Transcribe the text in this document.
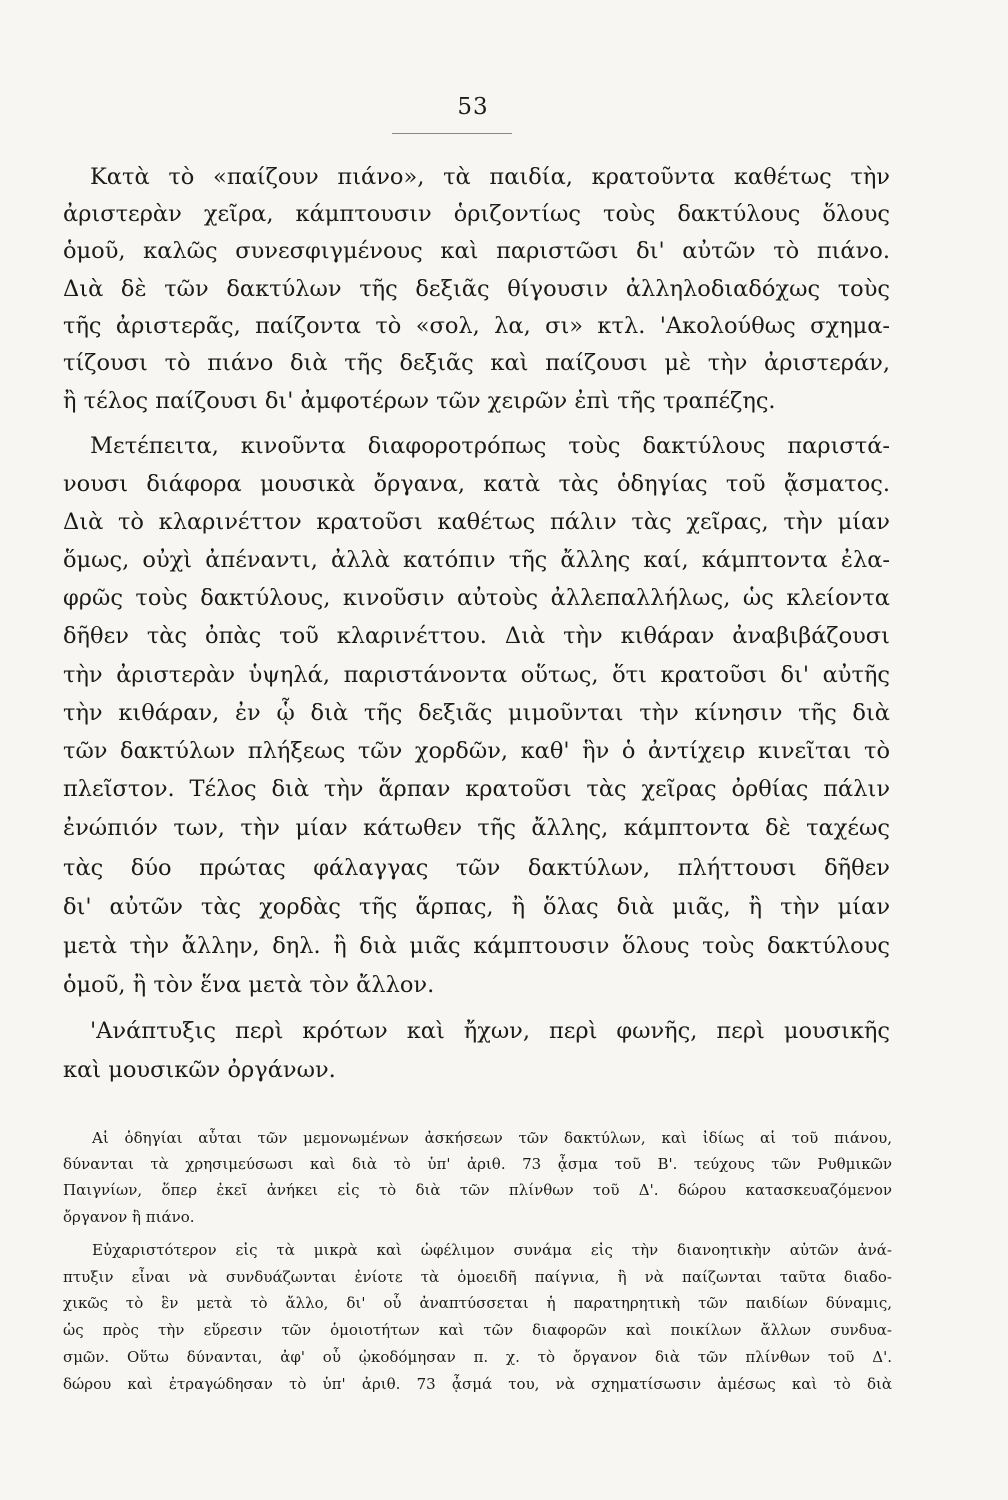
53
Κατὰ τὸ «παίζουν πιάνο», τὰ παιδία, κρατοῦντα καθέτως τὴν
ἀριστερὰν χεῖρα, κάμπτουσιν ὁριζοντίως τοὺς δακτύλους ὅλους
ὁμοῦ, καλῶς συνεσφιγμένους καὶ παριστῶσι δι' αὐτῶν τὸ πιάνο.
Διὰ δὲ τῶν δακτύλων τῆς δεξιᾶς θίγουσιν ἀλληλοδιαδόχως τοὺς
τῆς ἀριστερᾶς, παίζοντα τὸ «σολ, λα, σι» κτλ. 'Ακολούθως σχημα-
τίζουσι τὸ πιάνο διὰ τῆς δεξιᾶς καὶ παίζουσι μὲ τὴν ἀριστεράν,
ἢ τέλος παίζουσι δι' ἀμφοτέρων τῶν χειρῶν ἐπὶ τῆς τραπέζης.
Μετέπειτα, κινοῦντα διαφοροτρόπως τοὺς δακτύλους παριστά-
νουσι διάφορα μουσικὰ ὄργανα, κατὰ τὰς ὁδηγίας τοῦ ᾄσματος.
Διὰ τὸ κλαρινέττον κρατοῦσι καθέτως πάλιν τὰς χεῖρας, τὴν μίαν
ὅμως, οὐχὶ ἀπέναντι, ἀλλὰ κατόπιν τῆς ἄλλης καί, κάμπτοντα ἐλα-
φρῶς τοὺς δακτύλους, κινοῦσιν αὐτοὺς ἀλλεπαλλήλως, ὡς κλείοντα
δῆθεν τὰς ὀπὰς τοῦ κλαρινέττου. Διὰ τὴν κιθάραν ἀναβιβάζουσι
τὴν ἀριστερὰν ὑψηλά, παριστάνοντα οὕτως, ὅτι κρατοῦσι δι' αὐτῆς
τὴν κιθάραν, ἐν ᾧ διὰ τῆς δεξιᾶς μιμοῦνται τὴν κίνησιν τῆς διὰ
τῶν δακτύλων πλήξεως τῶν χορδῶν, καθ' ἣν ὁ ἀντίχειρ κινεῖται τὸ
πλεῖστον. Τέλος διὰ τὴν ἅρπαν κρατοῦσι τὰς χεῖρας ὀρθίας πάλιν
ἐνώπιόν των, τὴν μίαν κάτωθεν τῆς ἄλλης, κάμπτοντα δὲ ταχέως
τὰς δύο πρώτας φάλαγγας τῶν δακτύλων, πλήττουσι δῆθεν
δι' αὐτῶν τὰς χορδὰς τῆς ἅρπας, ἢ ὅλας διὰ μιᾶς, ἢ τὴν μίαν
μετὰ τὴν ἄλλην, δηλ. ἢ διὰ μιᾶς κάμπτουσιν ὅλους τοὺς δακτύλους
ὁμοῦ, ἢ τὸν ἕνα μετὰ τὸν ἄλλον.
'Ανάπτυξις περὶ κρότων καὶ ἤχων, περὶ φωνῆς, περὶ μουσικῆς
καὶ μουσικῶν ὀργάνων.
Αἱ ὁδηγίαι αὗται τῶν μεμονωμένων ἀσκήσεων τῶν δακτύλων, καὶ ἰδίως αἱ τοῦ πιάνου,
δύνανται τὰ χρησιμεύσωσι καὶ διὰ τὸ ὑπ' ἀριθ. 73 ᾆσμα τοῦ Β'. τεύχους τῶν Ρυθμικῶν
Παιγνίων, ὅπερ ἐκεῖ ἀνήκει εἰς τὸ διὰ τῶν πλίνθων τοῦ Δ'. δώρου κατασκευαζόμενον
ὄργανον ἢ πιάνο.
Εὐχαριστότερον εἰς τὰ μικρὰ καὶ ὠφέλιμον συνάμα εἰς τὴν διανοητικὴν αὐτῶν ἀνά-
πτυξιν εἶναι νὰ συνδυάζωνται ἐνίοτε τὰ ὁμοειδῆ παίγνια, ἢ νὰ παίζωνται ταῦτα διαδο-
χικῶς τὸ ἓν μετὰ τὸ ἄλλο, δι' οὗ ἀναπτύσσεται ἡ παρατηρητικὴ τῶν παιδίων δύναμις,
ὡς πρὸς τὴν εὕρεσιν τῶν ὁμοιοτήτων καὶ τῶν διαφορῶν καὶ ποικίλων ἄλλων συνδυα-
σμῶν. Οὕτω δύνανται, ἀφ' οὗ ᾠκοδόμησαν π. χ. τὸ ὄργανον διὰ τῶν πλίνθων τοῦ Δ'.
δώρου καὶ ἐτραγώδησαν τὸ ὑπ' ἀριθ. 73 ᾆσμά του, νὰ σχηματίσωσιν ἀμέσως καὶ τὸ διὰ
